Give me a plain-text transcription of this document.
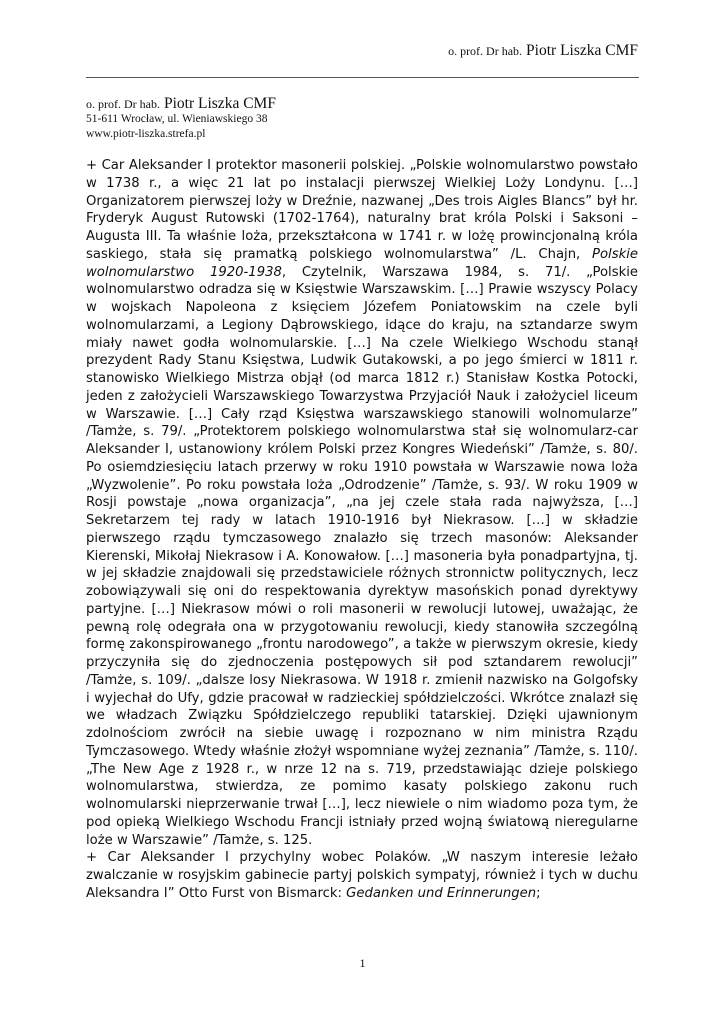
o. prof. Dr hab. Piotr Liszka CMF
o. prof. Dr hab. Piotr Liszka CMF
51-611 Wrocław, ul. Wieniawskiego 38
www.piotr-liszka.strefa.pl

+ Car Aleksander I protektor masonerii polskiej. „Polskie wolnomularstwo powstało w 1738 r., a więc 21 lat po instalacji pierwszej Wielkiej Loży Londynu. […] Organizatorem pierwszej loży w Dreźnie, nazwanej „Des trois Aigles Blancs” był hr. Fryderyk August Rutowski (1702-1764), naturalny brat króla Polski i Saksoni – Augusta III. Ta właśnie loża, przekształcona w 1741 r. w lożę prowincjonalną króla saskiego, stała się pramatką polskiego wolnomularstwa” /L. Chajn, Polskie wolnomularstwo 1920-1938, Czytelnik, Warszawa 1984, s. 71/. „Polskie wolnomularstwo odradza się w Księstwie Warszawskim. […] Prawie wszyscy Polacy w wojskach Napoleona z księciem Józefem Poniatowskim na czele byli wolnomularzami, a Legiony Dąbrowskiego, idące do kraju, na sztandarze swym miały nawet godła wolnomularskie. […] Na czele Wielkiego Wschodu stanął prezydent Rady Stanu Księstwa, Ludwik Gutakowski, a po jego śmierci w 1811 r. stanowisko Wielkiego Mistrza objął (od marca 1812 r.) Stanisław Kostka Potocki, jeden z założycieli Warszawskiego Towarzystwa Przyjaciół Nauk i założyciel liceum w Warszawie. […] Cały rząd Księstwa warszawskiego stanowili wolnomularze” /Tamże, s. 79/. „Protektorem polskiego wolnomularstwa stał się wolnomularz-car Aleksander I, ustanowiony królem Polski przez Kongres Wiedeński” /Tamże, s. 80/. Po osiemdziesięciu latach przerwy w roku 1910 powstała w Warszawie nowa loża „Wyzwolenie”. Po roku powstała loża „Odrodzenie” /Tamże, s. 93/. W roku 1909 w Rosji powstaje „nowa organizacja”, „na jej czele stała rada najwyższa, […] Sekretarzem tej rady w latach 1910-1916 był Niekrasow. […] w składzie pierwszego rządu tymczasowego znalazło się trzech masonów: Aleksander Kierenski, Mikołaj Niekrasow i A. Konowałow. […] masoneria była ponadpartyjna, tj. w jej składzie znajdowali się przedstawiciele różnych stronnictw politycznych, lecz zobowiązywali się oni do respektowania dyrektyw masońskich ponad dyrektywy partyjne. […] Niekrasow mówi o roli masonerii w rewolucji lutowej, uważając, że pewną rolę odegrała ona w przygotowaniu rewolucji, kiedy stanowiła szczególną formę zakonspirowanego „frontu narodowego”, a także w pierwszym okresie, kiedy przyczyniła się do zjednoczenia postępowych sił pod sztandarem rewolucji” /Tamże, s. 109/. „dalsze losy Niekrasowa. W 1918 r. zmienił nazwisko na Golgofsky i wyjechał do Ufy, gdzie pracował w radzieckiej spółdzielczości. Wkrótce znalazł się we władzach Związku Spółdzielczego republiki tatarskiej. Dzięki ujawnionym zdolnościom zwrócił na siebie uwagę i rozpoznano w nim ministra Rządu Tymczasowego. Wtedy właśnie złożył wspomniane wyżej zeznania” /Tamże, s. 110/. „The New Age z 1928 r., w nrze 12 na s. 719, przedstawiając dzieje polskiego wolnomularstwa, stwierdza, ze pomimo kasaty polskiego zakonu ruch wolnomularski nieprzerwanie trwał […], lecz niewiele o nim wiadomo poza tym, że pod opieką Wielkiego Wschodu Francji istniały przed wojną światową nieregularne loże w Warszawie” /Tamże, s. 125.

+ Car Aleksander I przychylny wobec Polaków. „W naszym interesie leżało zwalczanie w rosyjskim gabinecie partyj polskich sympatyj, również i tych w duchu Aleksandra I” Otto Furst von Bismarck: Gedanken und Erinnerungen;

1
